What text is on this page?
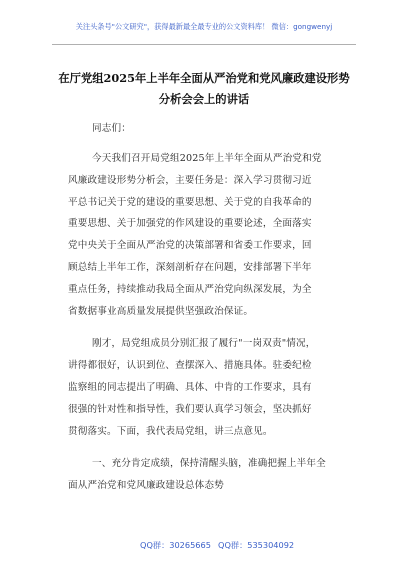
关注头条号"公文研究"，获得最新最全最专业的公文资料库！ 微信：gongwenyj
在厅党组2025年上半年全面从严治党和党风廉政建设形势
分析会会上的讲话
同志们：
今天我们召开局党组2025年上半年全面从严治党和党
风廉政建设形势分析会，主要任务是：深入学习贯彻习近
平总书记关于党的建设的重要思想、关于党的自我革命的
重要思想、关于加强党的作风建设的重要论述，全面落实
党中央关于全面从严治党的决策部署和省委工作要求，回
顾总结上半年工作，深刻剖析存在问题，安排部署下半年
重点任务，持续推动我局全面从严治党向纵深发展，为全
省数据事业高质量发展提供坚强政治保证。
刚才，局党组成员分别汇报了履行"一岗双责"情况，
讲得都很好，认识到位、查摆深入、措施具体。驻委纪检
监察组的同志提出了明确、具体、中肯的工作要求，具有
很强的针对性和指导性，我们要认真学习领会，坚决抓好
贯彻落实。下面，我代表局党组，讲三点意见。
一、充分肯定成绩，保持清醒头脑，准确把握上半年全
面从严治党和党风廉政建设总体态势
QQ群：30265665 QQ群：535304092
